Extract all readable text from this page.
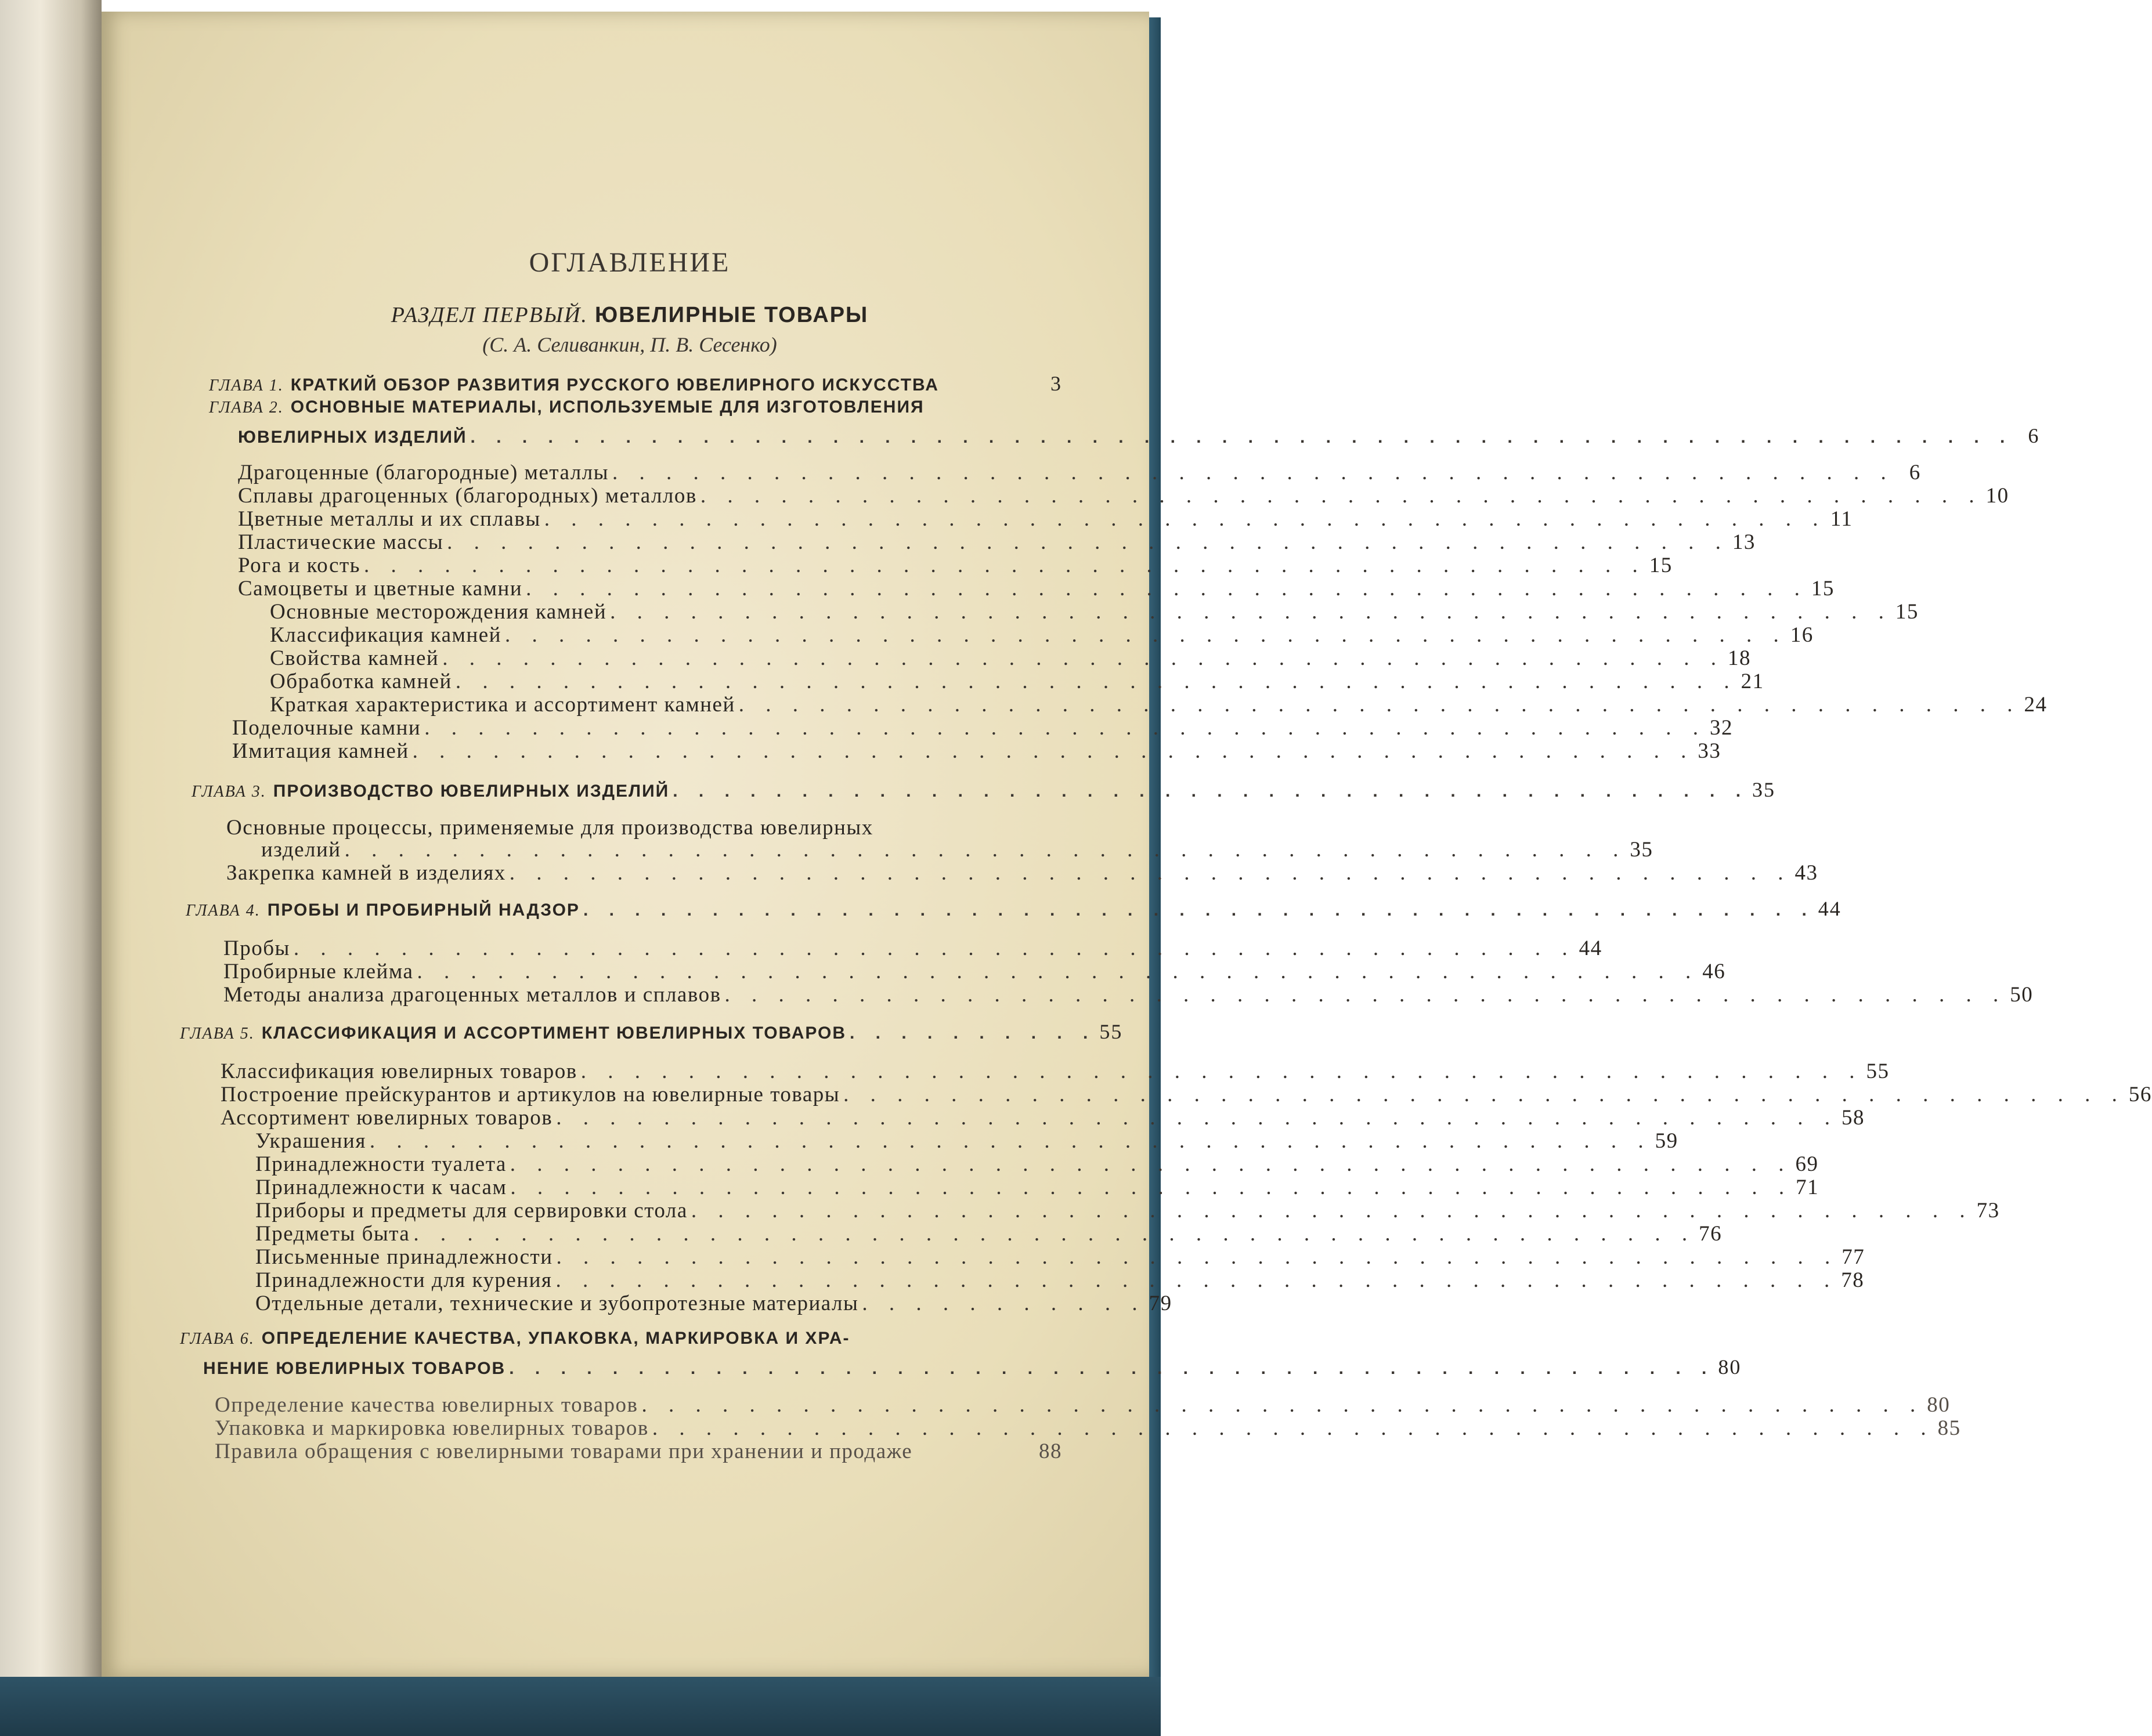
ОГЛАВЛЕНИЕ
РАЗДЕЛ ПЕРВЫЙ. ЮВЕЛИРНЫЕ ТОВАРЫ
(С. А. Селиванкин, П. В. Сесенко)
ГЛАВА 1. КРАТКИЙ ОБЗОР РАЗВИТИЯ РУССКОГО ЮВЕЛИРНОГО ИСКУССТВА	3
ГЛАВА 2. ОСНОВНЫЕ МАТЕРИАЛЫ, ИСПОЛЬЗУЕМЫЕ ДЛЯ ИЗГОТОВЛЕНИЯ
ЮВЕЛИРНЫХ ИЗДЕЛИЙ . . . . . . . . . . . . . . . . . . . . . . . . . . . . . . . . . . . . . . . . . . . . . . . . . . . . . . . . . . . . 6
Драгоценные (благородные) металлы . . . . . . . . . . . . . . . . . . . . . . . . . . . . . . . . . . . . . . . . . . . . . . . . 6
Сплавы драгоценных (благородных) металлов . . . . . . . . . . . . . . . . . . . . . . . . . . . . . . . . . . . . . . . . . . . . . . . . 10
Цветные металлы и их сплавы . . . . . . . . . . . . . . . . . . . . . . . . . . . . . . . . . . . . . . . . . . . . . . . . 11
Пластические массы . . . . . . . . . . . . . . . . . . . . . . . . . . . . . . . . . . . . . . . . . . . . . . . . 13
Рога и кость . . . . . . . . . . . . . . . . . . . . . . . . . . . . . . . . . . . . . . . . . . . . . . . . 15
Самоцветы и цветные камни . . . . . . . . . . . . . . . . . . . . . . . . . . . . . . . . . . . . . . . . . . . . . . . . 15
Основные месторождения камней . . . . . . . . . . . . . . . . . . . . . . . . . . . . . . . . . . . . . . . . . . . . . . . . 15
Классификация камней . . . . . . . . . . . . . . . . . . . . . . . . . . . . . . . . . . . . . . . . . . . . . . . . 16
Свойства камней . . . . . . . . . . . . . . . . . . . . . . . . . . . . . . . . . . . . . . . . . . . . . . . . 18
Обработка камней . . . . . . . . . . . . . . . . . . . . . . . . . . . . . . . . . . . . . . . . . . . . . . . . 21
Краткая характеристика и ассортимент камней . . . . . . . . . . . . . . . . . . . . . . . . . . . . . . . . . . . . . . . . . . . . . . . . 24
Поделочные камни . . . . . . . . . . . . . . . . . . . . . . . . . . . . . . . . . . . . . . . . . . . . . . . . 32
Имитация камней . . . . . . . . . . . . . . . . . . . . . . . . . . . . . . . . . . . . . . . . . . . . . . . . 33
ГЛАВА 3. ПРОИЗВОДСТВО ЮВЕЛИРНЫХ ИЗДЕЛИЙ . . . . . . . . . . . . . . . . . . . . . . . . . . . . . . . . . . . . . . . . . . 35
Основные процессы, применяемые для производства ювелирных
изделий . . . . . . . . . . . . . . . . . . . . . . . . . . . . . . . . . . . . . . . . . . . . . . . . 35
Закрепка камней в изделиях . . . . . . . . . . . . . . . . . . . . . . . . . . . . . . . . . . . . . . . . . . . . . . . . 43
ГЛАВА 4. ПРОБЫ И ПРОБИРНЫЙ НАДЗОР . . . . . . . . . . . . . . . . . . . . . . . . . . . . . . . . . . . . . . . . . . . . . . . . 44
Пробы . . . . . . . . . . . . . . . . . . . . . . . . . . . . . . . . . . . . . . . . . . . . . . . . 44
Пробирные клейма . . . . . . . . . . . . . . . . . . . . . . . . . . . . . . . . . . . . . . . . . . . . . . . . 46
Методы анализа драгоценных металлов и сплавов . . . . . . . . . . . . . . . . . . . . . . . . . . . . . . . . . . . . . . . . . . . . . . . . 50
ГЛАВА 5. КЛАССИФИКАЦИЯ И АССОРТИМЕНТ ЮВЕЛИРНЫХ ТОВАРОВ . . . . . . . . . . 55
Классификация ювелирных товаров . . . . . . . . . . . . . . . . . . . . . . . . . . . . . . . . . . . . . . . . . . . . . . . . 55
Построение прейскурантов и артикулов на ювелирные товары . . . . . . . . . . . . . . . . . . . . . . . . . . . . . . . . . . . . . . . . . . . . . . . . 56
Ассортимент ювелирных товаров . . . . . . . . . . . . . . . . . . . . . . . . . . . . . . . . . . . . . . . . . . . . . . . . 58
Украшения . . . . . . . . . . . . . . . . . . . . . . . . . . . . . . . . . . . . . . . . . . . . . . . . 59
Принадлежности туалета . . . . . . . . . . . . . . . . . . . . . . . . . . . . . . . . . . . . . . . . . . . . . . . . 69
Принадлежности к часам . . . . . . . . . . . . . . . . . . . . . . . . . . . . . . . . . . . . . . . . . . . . . . . . 71
Приборы и предметы для сервировки стола . . . . . . . . . . . . . . . . . . . . . . . . . . . . . . . . . . . . . . . . . . . . . . . . 73
Предметы быта . . . . . . . . . . . . . . . . . . . . . . . . . . . . . . . . . . . . . . . . . . . . . . . . 76
Письменные принадлежности . . . . . . . . . . . . . . . . . . . . . . . . . . . . . . . . . . . . . . . . . . . . . . . . 77
Принадлежности для курения . . . . . . . . . . . . . . . . . . . . . . . . . . . . . . . . . . . . . . . . . . . . . . . . 78
Отдельные детали, технические и зубопротезные материалы . . . . . . . . . . . 79
ГЛАВА 6. ОПРЕДЕЛЕНИЕ КАЧЕСТВА, УПАКОВКА, МАРКИРОВКА И ХРА-
НЕНИЕ ЮВЕЛИРНЫХ ТОВАРОВ . . . . . . . . . . . . . . . . . . . . . . . . . . . . . . . . . . . . . . . . . . . . . . . 80
Определение качества ювелирных товаров . . . . . . . . . . . . . . . . . . . . . . . . . . . . . . . . . . . . . . . . . . . . . . . . 80
Упаковка и маркировка ювелирных товаров . . . . . . . . . . . . . . . . . . . . . . . . . . . . . . . . . . . . . . . . . . . . . . . . 85
Правила обращения с ювелирными товарами при хранении и продаже	88
